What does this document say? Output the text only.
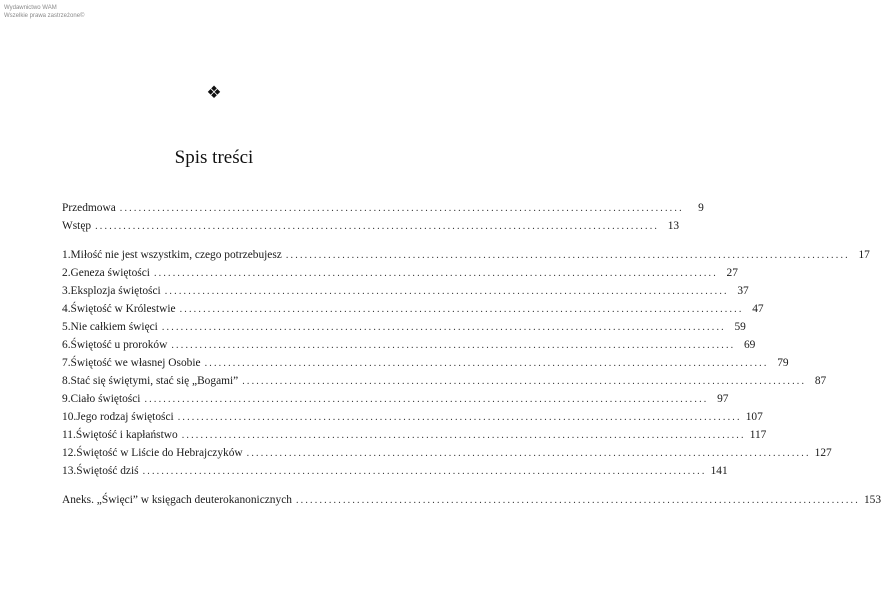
Wydawnictwo WAM
Wszelkie prawa zastrzeżone©
❖
Spis treści
Przedmowa ........................................................................................................................	9
Wstęp ........................................................................................................................ 13
1. Miłość nie jest wszystkim, czego potrzebujesz ........................................................................................................................ 17
2. Geneza świętości ........................................................................................................................ 27
3. Eksplozja świętości ........................................................................................................................ 37
4. Świętość w Królestwie ........................................................................................................................ 47
5. Nie całkiem święci ........................................................................................................................ 59
6. Świętość u proroków ........................................................................................................................ 69
7. Świętość we własnej Osobie ........................................................................................................................ 79
8. Stać się świętymi, stać się „Bogami” ........................................................................................................................ 87
9. Ciało świętości ........................................................................................................................ 97
10. Jego rodzaj świętości ........................................................................................................................ 107
11. Świętość i kapłaństwo ........................................................................................................................ 117
12. Świętość w Liście do Hebrajczyków ........................................................................................................................ 127
13. Świętość dziś ........................................................................................................................ 141
Aneks. „Święci” w księgach deuterokanonicznych ........................................................................................................................ 153
